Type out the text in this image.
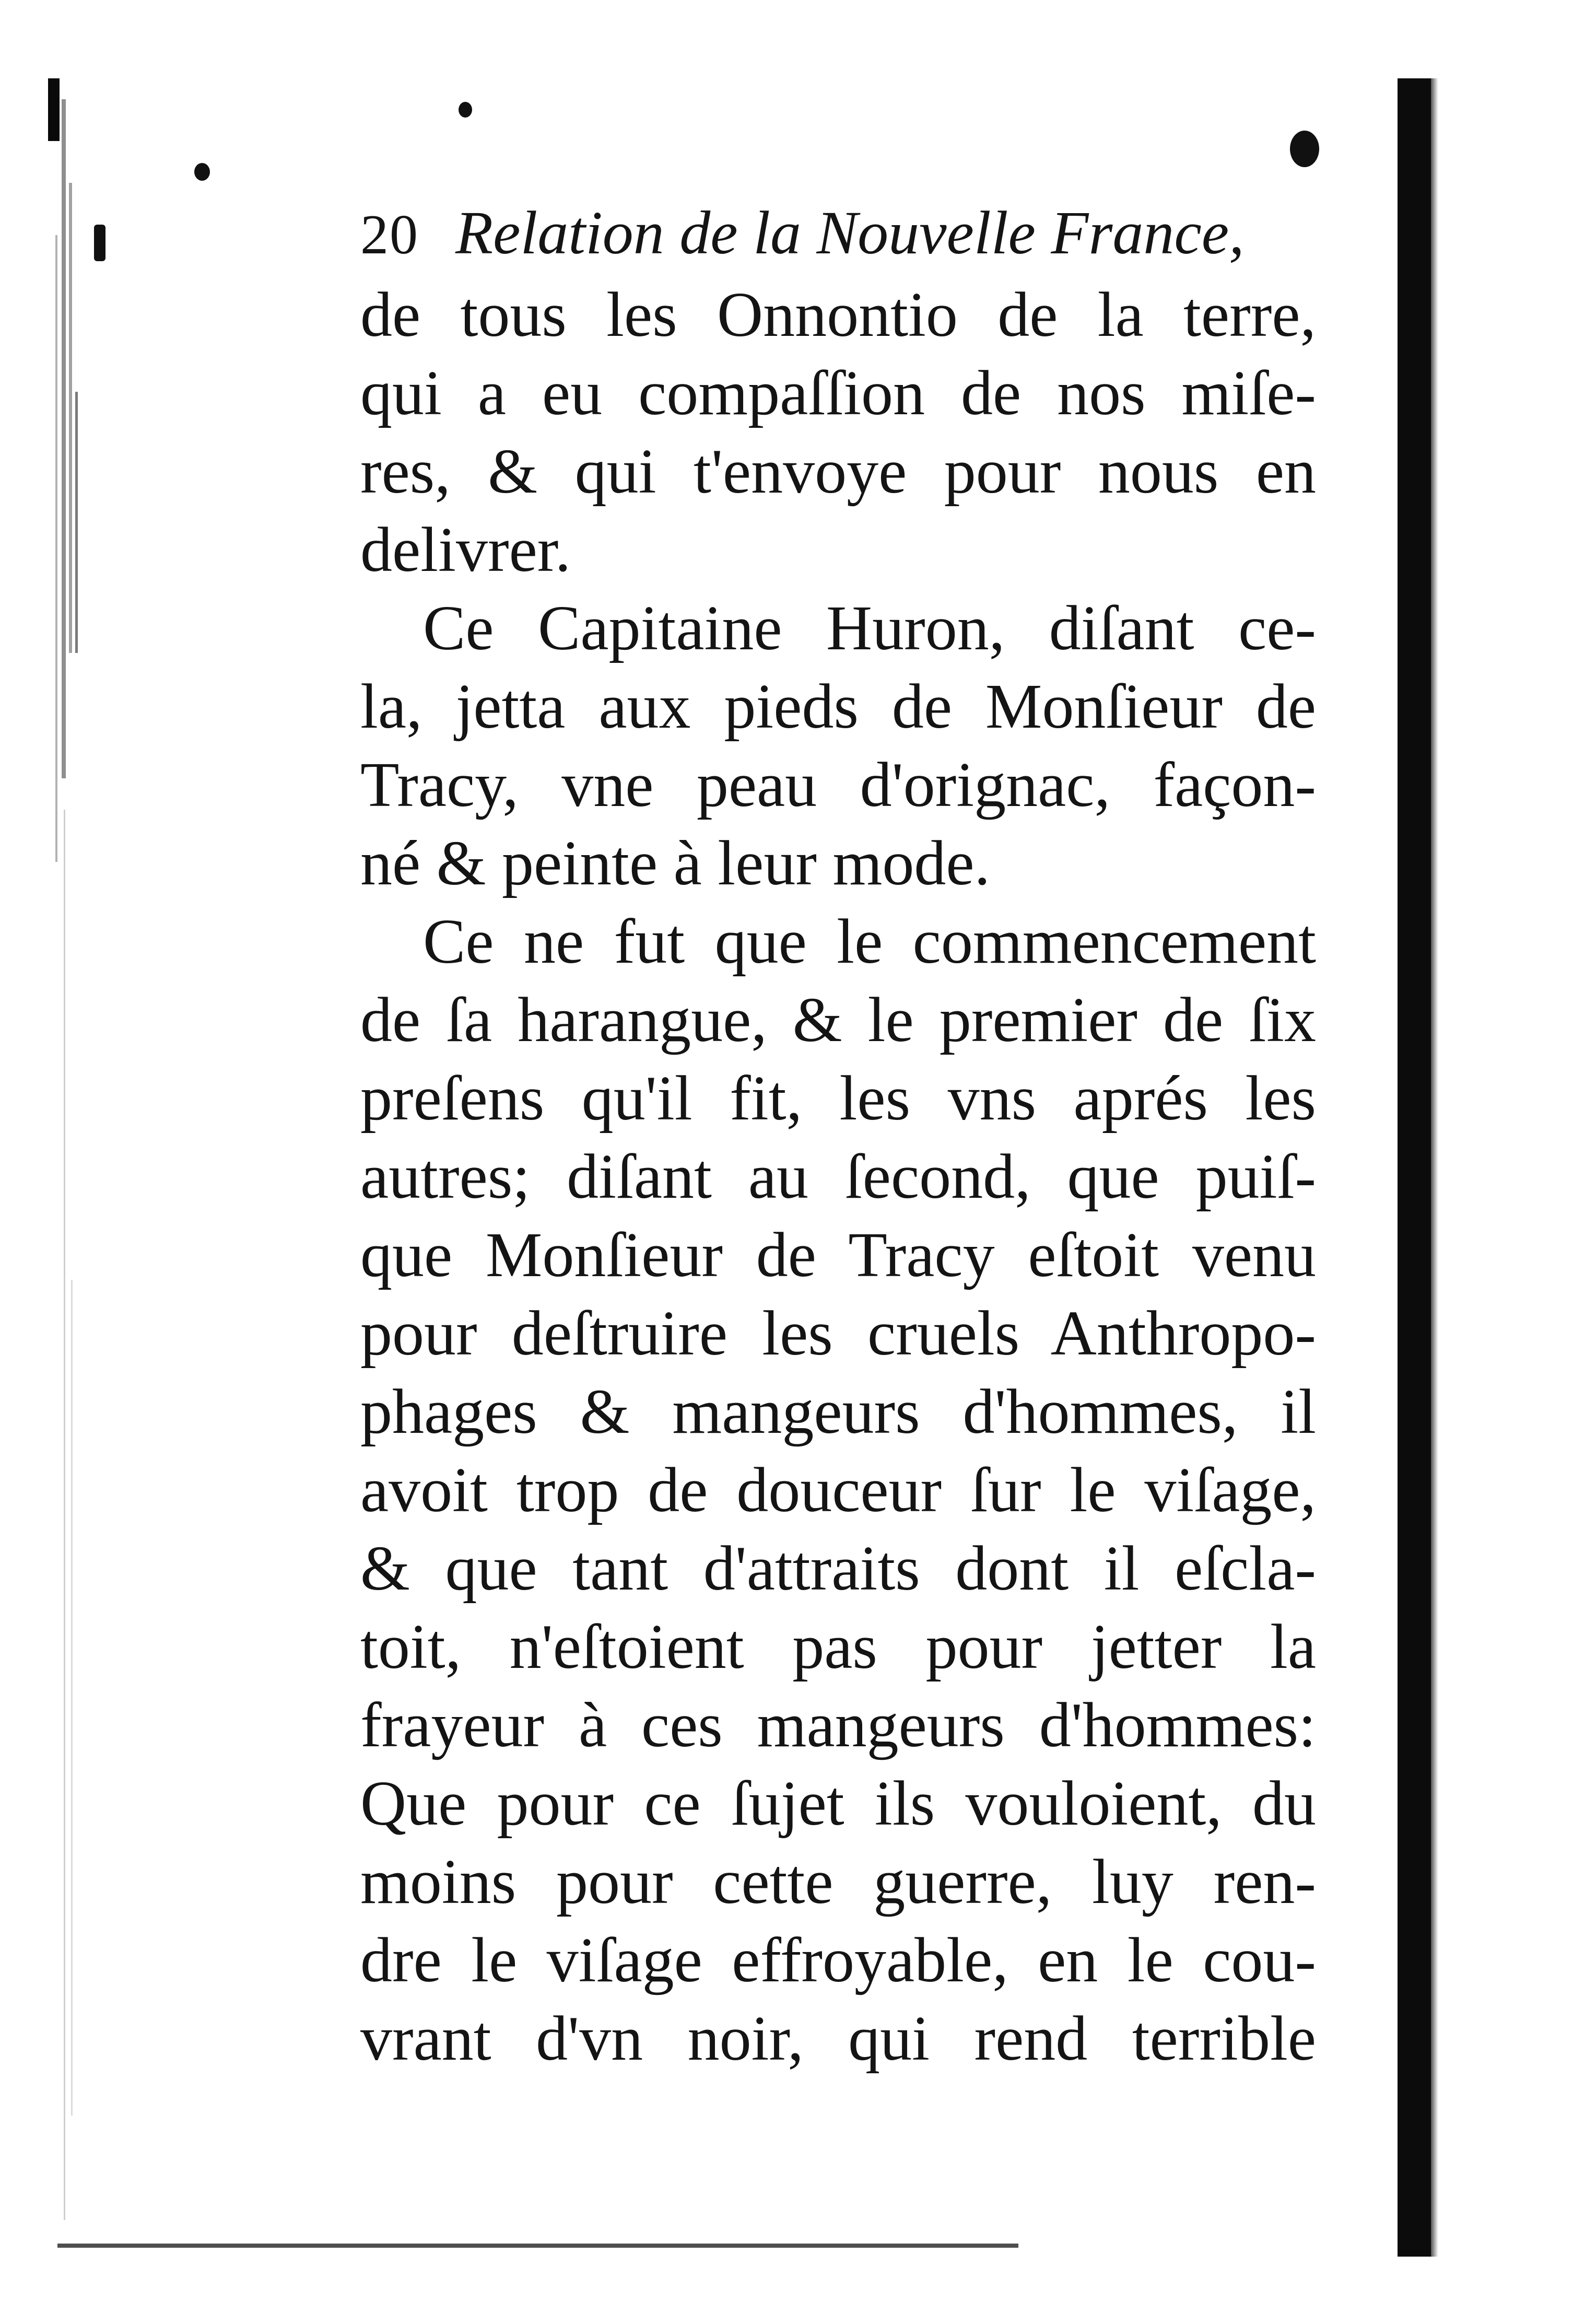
20 Relation de la Nouvelle France,
de tous les Onnontio de la terre,
qui a eu compaſſion de nos miſe-
res, & qui t'envoye pour nous en
delivrer.
Ce Capitaine Huron, diſant ce-
la, jetta aux pieds de Monſieur de
Tracy, vne peau d'orignac, façon-
né & peinte à leur mode.
Ce ne fut que le commencement
de ſa harangue, & le premier de ſix
preſens qu'il fit, les vns aprés les
autres; diſant au ſecond, que puiſ-
que Monſieur de Tracy eſtoit venu
pour deſtruire les cruels Anthropo-
phages & mangeurs d'hommes, il
avoit trop de douceur ſur le viſage,
& que tant d'attraits dont il eſcla-
toit, n'eſtoient pas pour jetter la
frayeur à ces mangeurs d'hommes:
Que pour ce ſujet ils vouloient, du
moins pour cette guerre, luy ren-
dre le viſage effroyable, en le cou-
vrant d'vn noir, qui rend terrible
